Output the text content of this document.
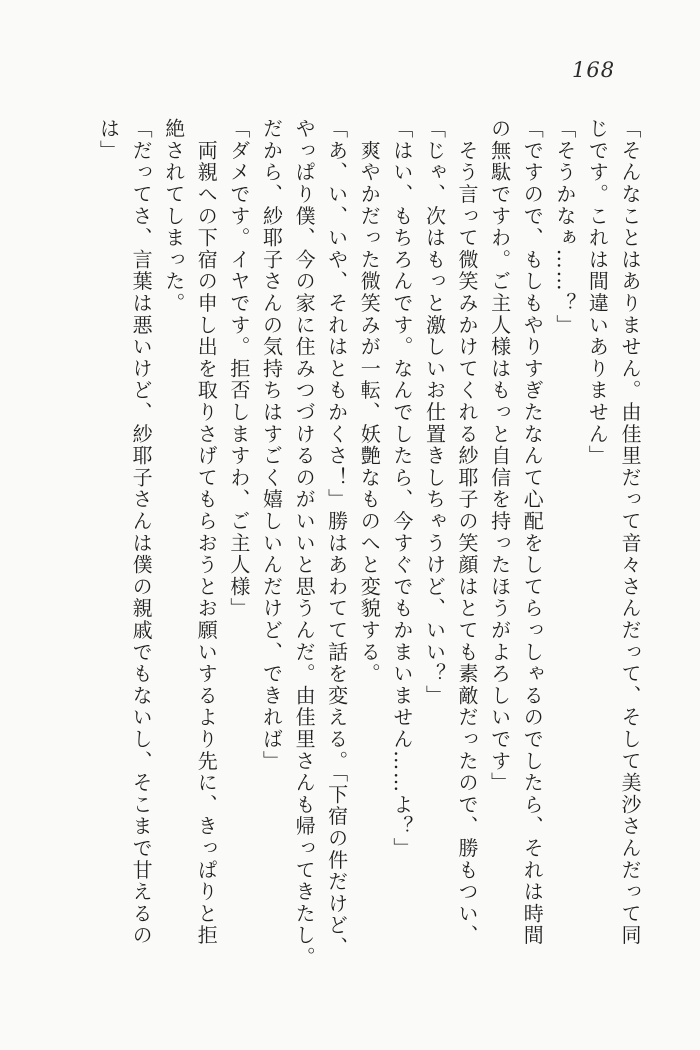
168
「そんなことはありません。由佳里だって音々さんだって、そして美沙さんだって同
じです。これは間違いありません」
「そうかなぁ……？」
「ですので、もしもやりすぎたなんて心配をしてらっしゃるのでしたら、それは時間
の無駄ですわ。ご主人様はもっと自信を持ったほうがよろしいです」
　そう言って微笑みかけてくれる紗耶子の笑顔はとても素敵だったので、勝もつい、
「じゃ、次はもっと激しいお仕置きしちゃうけど、いい？」
「はい、もちろんです。なんでしたら、今すぐでもかまいません……よ？」
　爽やかだった微笑みが一転、妖艶なものへと変貌する。
「あ、い、いや、それはともかくさ！」勝はあわてて話を変える。「下宿の件だけど、
やっぱり僕、今の家に住みつづけるのがいいと思うんだ。由佳里さんも帰ってきたし。
だから、紗耶子さんの気持ちはすごく嬉しいんだけど、できれば」
「ダメです。イヤです。拒否しますわ、ご主人様」
　両親への下宿の申し出を取りさげてもらおうとお願いするより先に、きっぱりと拒
絶されてしまった。
「だってさ、言葉は悪いけど、紗耶子さんは僕の親戚でもないし、そこまで甘えるの
は」
